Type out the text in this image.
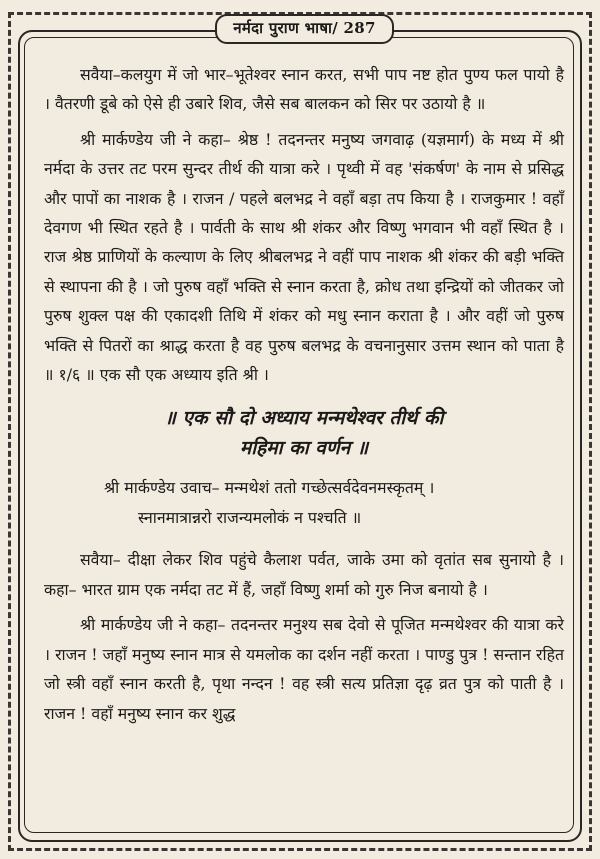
नर्मदा पुराण भाषा/ 287
सवैया–कलयुग में जो भार–भूतेश्वर स्नान करत, सभी पाप नष्ट होत पुण्य फल पायो है । वैतरणी डूबे को ऐसे ही उबारे शिव, जैसे सब बालकन को सिर पर उठायो है ॥
श्री मार्कण्डेय जी ने कहा– श्रेष्ठ ! तदनन्तर मनुष्य जगवाढ़ (यज्ञमार्ग) के मध्य में श्री नर्मदा के उत्तर तट परम सुन्दर तीर्थ की यात्रा करे । पृथ्वी में वह 'संकर्षण' के नाम से प्रसिद्ध और पापों का नाशक है । राजन / पहले बलभद्र ने वहाँ बड़ा तप किया है । राजकुमार ! वहाँ देवगण भी स्थित रहते है । पार्वती के साथ श्री शंकर और विष्णु भगवान भी वहाँ स्थित है । राज श्रेष्ठ प्राणियों के कल्याण के लिए श्रीबलभद्र ने वहीं पाप नाशक श्री शंकर की बड़ी भक्ति से स्थापना की है । जो पुरुष वहाँ भक्ति से स्नान करता है, क्रोध तथा इन्द्रियों को जीतकर जो पुरुष शुक्ल पक्ष की एकादशी तिथि में शंकर को मधु स्नान कराता है । और वहीं जो पुरुष भक्ति से पितरों का श्राद्ध करता है वह पुरुष बलभद्र के वचनानुसार उत्तम स्थान को पाता है ॥ १/६ ॥ एक सौ एक अध्याय इति श्री ।
॥ एक सौ दो अध्याय मन्मथेश्वर तीर्थ की
महिमा का वर्णन ॥
श्री मार्कण्डेय उवाच– मन्मथेशं ततो गच्छेत्सर्वदेवनमस्कृतम् ।
स्नानमात्रान्नरो राजन्यमलोकं न पश्चति ॥
सवैया– दीक्षा लेकर शिव पहुंचे कैलाश पर्वत, जाके उमा को वृतांत सब सुनायो है । कहा– भारत ग्राम एक नर्मदा तट में हैं, जहाँ विष्णु शर्मा को गुरु निज बनायो है ।
श्री मार्कण्डेय जी ने कहा– तदनन्तर मनुश्य सब देवो से पूजित मन्मथेश्वर की यात्रा करे । राजन ! जहाँ मनुष्य स्नान मात्र से यमलोक का दर्शन नहीं करता । पाण्डु पुत्र ! सन्तान रहित जो स्त्री वहाँ स्नान करती है, पृथा नन्दन ! वह स्त्री सत्य प्रतिज्ञा दृढ़ व्रत पुत्र को पाती है । राजन ! वहाँ मनुष्य स्नान कर शुद्ध
